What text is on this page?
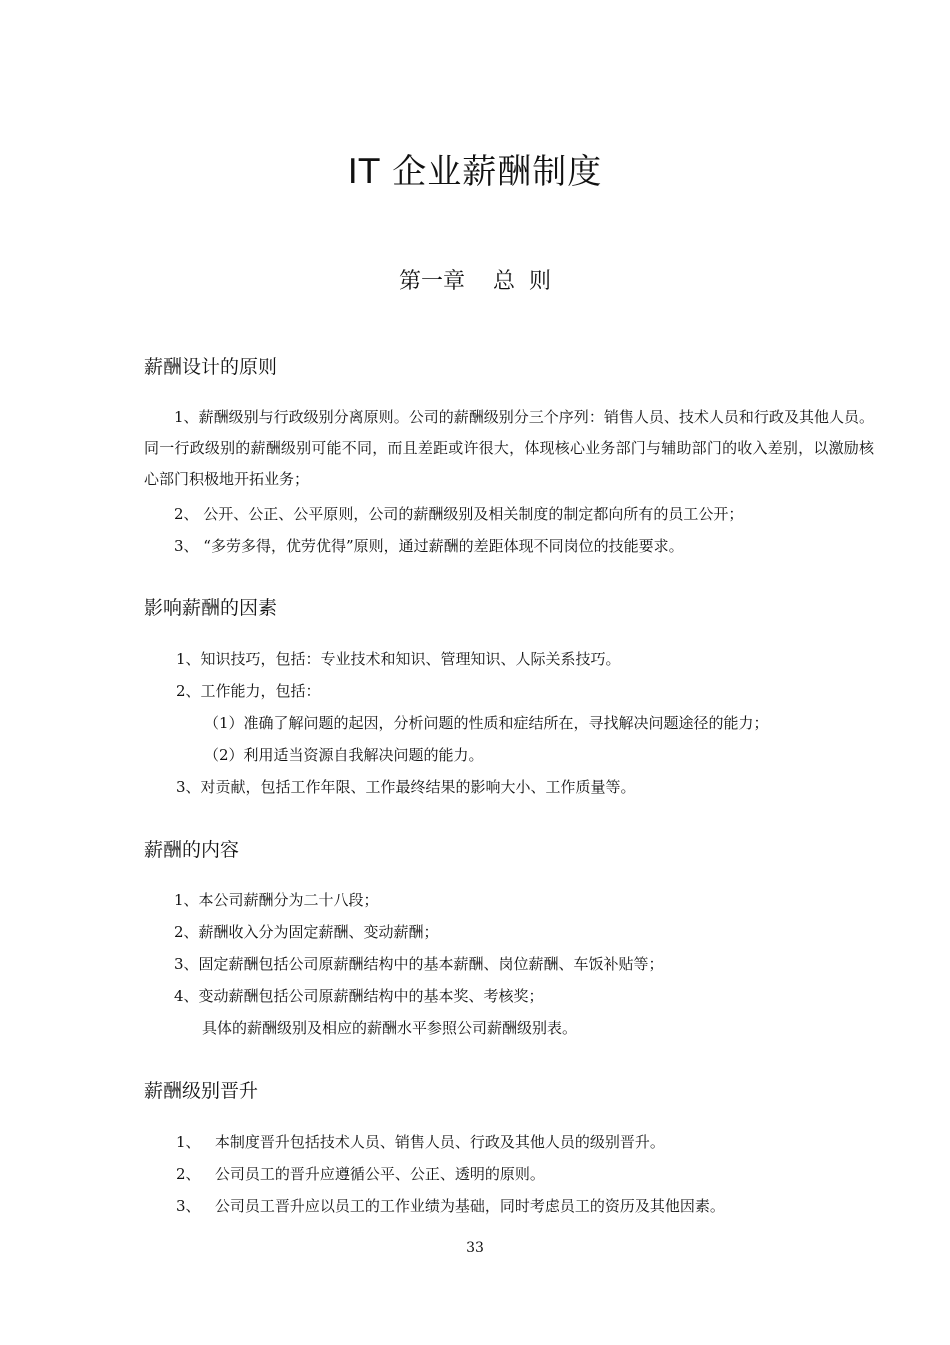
IT 企业薪酬制度
第一章    总  则
薪酬设计的原则
1、薪酬级别与行政级别分离原则。公司的薪酬级别分三个序列：销售人员、技术人员和行政及其他人员。同一行政级别的薪酬级别可能不同，而且差距或许很大，体现核心业务部门与辅助部门的收入差别，以激励核心部门积极地开拓业务；
2、 公开、公正、公平原则，公司的薪酬级别及相关制度的制定都向所有的员工公开；
3、 “多劳多得，优劳优得”原则，通过薪酬的差距体现不同岗位的技能要求。
影响薪酬的因素
1、知识技巧，包括：专业技术和知识、管理知识、人际关系技巧。
2、工作能力，包括：
（1）准确了解问题的起因，分析问题的性质和症结所在，寻找解决问题途径的能力；
（2）利用适当资源自我解决问题的能力。
3、对贡献，包括工作年限、工作最终结果的影响大小、工作质量等。
薪酬的内容
1、本公司薪酬分为二十八段；
2、薪酬收入分为固定薪酬、变动薪酬；
3、固定薪酬包括公司原薪酬结构中的基本薪酬、岗位薪酬、车饭补贴等；
4、变动薪酬包括公司原薪酬结构中的基本奖、考核奖；
具体的薪酬级别及相应的薪酬水平参照公司薪酬级别表。
薪酬级别晋升
1、   本制度晋升包括技术人员、销售人员、行政及其他人员的级别晋升。
2、   公司员工的晋升应遵循公平、公正、透明的原则。
3、   公司员工晋升应以员工的工作业绩为基础，同时考虑员工的资历及其他因素。
33
